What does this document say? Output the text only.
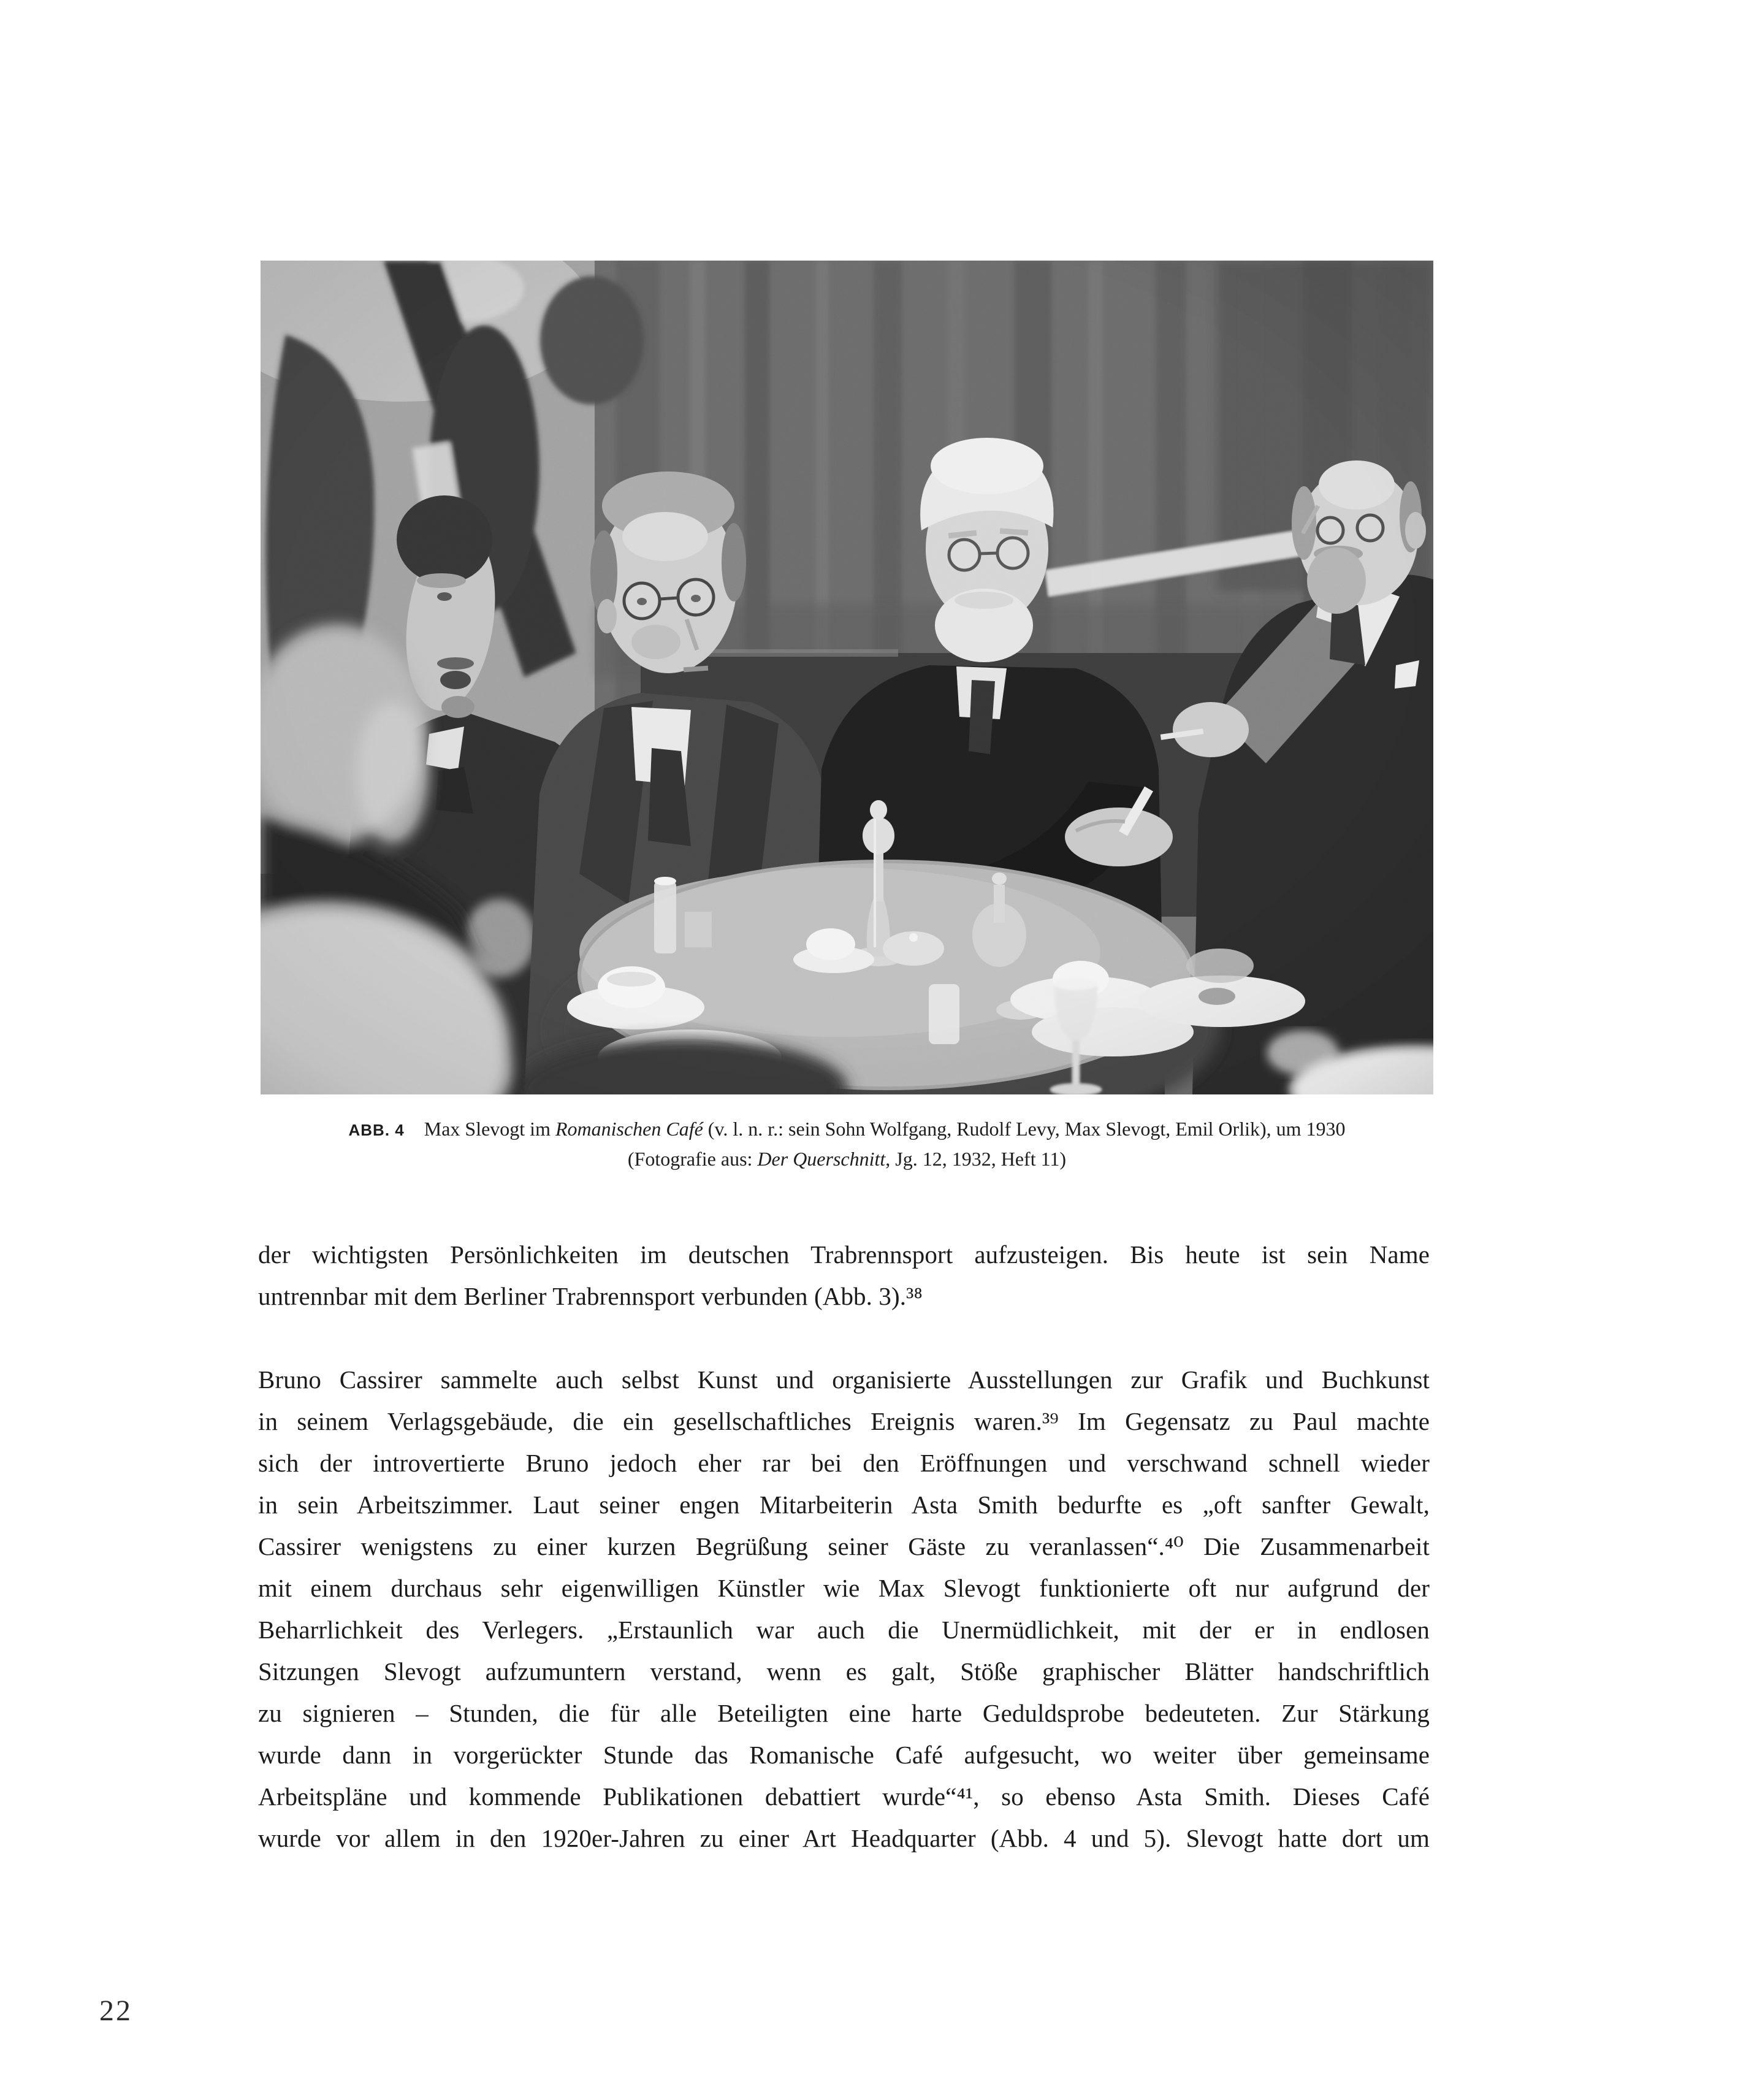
ABB. 4 Max Slevogt im Romanischen Café (v. l. n. r.: sein Sohn Wolfgang, Rudolf Levy, Max Slevogt, Emil Orlik), um 1930
(Fotografie aus: Der Querschnitt, Jg. 12, 1932, Heft 11)
der wichtigsten Persönlichkeiten im deutschen Trabrennsport aufzusteigen. Bis heute ist sein Name
untrennbar mit dem Berliner Trabrennsport verbunden (Abb. 3).³⁸
Bruno Cassirer sammelte auch selbst Kunst und organisierte Ausstellungen zur Grafik und Buchkunst
in seinem Verlagsgebäude, die ein gesellschaftliches Ereignis waren.³⁹ Im Gegensatz zu Paul machte
sich der introvertierte Bruno jedoch eher rar bei den Eröffnungen und verschwand schnell wieder
in sein Arbeitszimmer. Laut seiner engen Mitarbeiterin Asta Smith bedurfte es „oft sanfter Gewalt,
Cassirer wenigstens zu einer kurzen Begrüßung seiner Gäste zu veranlassen“.⁴⁰ Die Zusammenarbeit
mit einem durchaus sehr eigenwilligen Künstler wie Max Slevogt funktionierte oft nur aufgrund der
Beharrlichkeit des Verlegers. „Erstaunlich war auch die Unermüdlichkeit, mit der er in endlosen
Sitzungen Slevogt aufzumuntern verstand, wenn es galt, Stöße graphischer Blätter handschriftlich
zu signieren – Stunden, die für alle Beteiligten eine harte Geduldsprobe bedeuteten. Zur Stärkung
wurde dann in vorgerückter Stunde das Romanische Café aufgesucht, wo weiter über gemeinsame
Arbeitspläne und kommende Publikationen debattiert wurde“⁴¹, so ebenso Asta Smith. Dieses Café
wurde vor allem in den 1920er-Jahren zu einer Art Headquarter (Abb. 4 und 5). Slevogt hatte dort um
22
